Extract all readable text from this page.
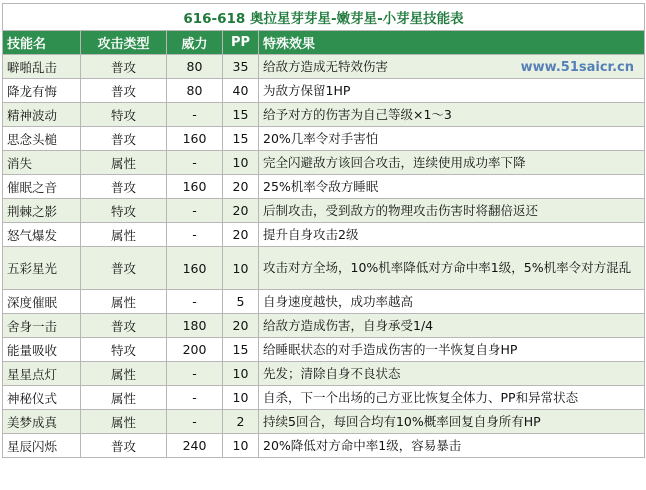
616-618 奥拉星芽芽星-嫩芽星-小芽星技能表				
技能名	攻击类型	威力	PP	特殊效果
噼啪乱击	普攻	80	35	给敌方造成无特效伤害
降龙有悔	普攻	80	40	为敌方保留1HP
精神波动	特攻	-	15	给予对方的伤害为自己等级×1～3
思念头槌	普攻	160	15	20%几率令对手害怕
消失	属性	-	10	完全闪避敌方该回合攻击，连续使用成功率下降
催眠之音	普攻	160	20	25%机率令敌方睡眠
荆棘之影	特攻	-	20	后制攻击，受到敌方的物理攻击伤害时将翻倍返还
怒气爆发	属性	-	20	提升自身攻击2级
五彩星光	普攻	160	10	攻击对方全场，10%机率降低对方命中率1级，5%机率令对方混乱
深度催眠	属性	-	5	自身速度越快，成功率越高
舍身一击	普攻	180	20	给敌方造成伤害，自身承受1/4
能量吸收	特攻	200	15	给睡眠状态的对手造成伤害的一半恢复自身HP
星星点灯	属性	-	10	先发；清除自身不良状态
神秘仪式	属性	-	10	自杀，下一个出场的己方亚比恢复全体力、PP和异常状态
美梦成真	属性	-	2	持续5回合，每回合均有10%概率回复自身所有HP
星辰闪烁	普攻	240	10	20%降低对方命中率1级，容易暴击
www.51saicr.cn
